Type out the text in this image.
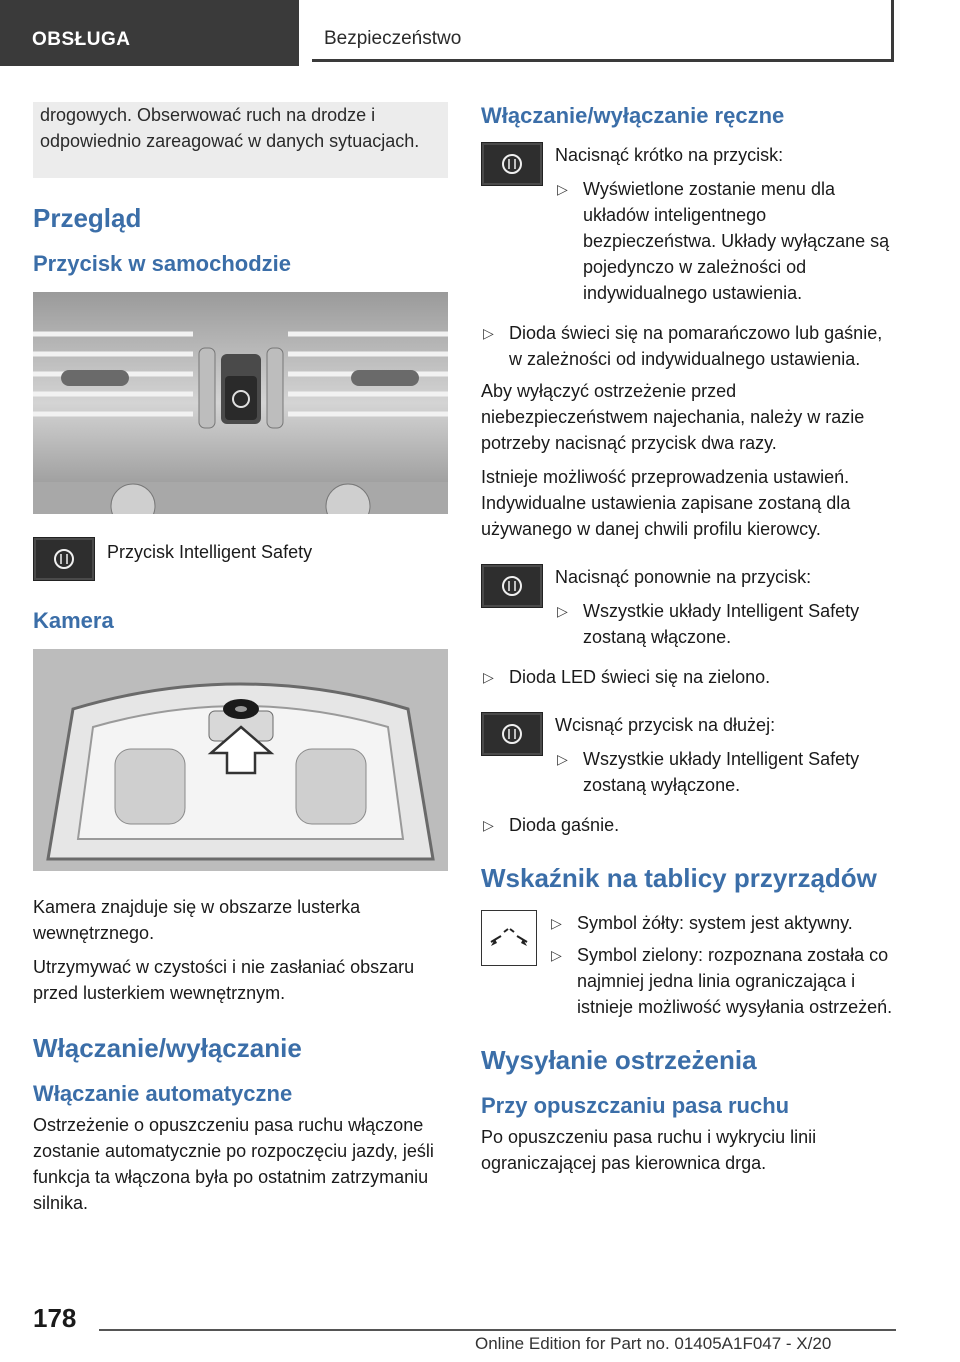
OBSŁUGA	Bezpieczeństwo

drogowych. Obserwować ruch na drodze i odpowiednio zareagować w danych sytuacjach.

Przegląd
Przycisk w samochodzie
Przycisk Intelligent Safety
Kamera

Kamera znajduje się w obszarze lusterka wewnętrznego.

Utrzymywać w czystości i nie zasłaniać obszaru przed lusterkiem wewnętrznym.

Włączanie/wyłączanie
Włączanie automatyczne

Ostrzeżenie o opuszczeniu pasa ruchu włączone zostanie automatycznie po rozpoczęciu jazdy, jeśli funkcja ta włączona była po ostatnim zatrzymaniu silnika.

Włączanie/wyłączanie ręczne

Nacisnąć krótko na przycisk:

▷ Wyświetlone zostanie menu dla układów inteligentnego bezpieczeństwa. Układy wyłączane są pojedynczo w zależności od indywidualnego ustawienia.
▷ Dioda świeci się na pomarańczowo lub gaśnie, w zależności od indywidualnego ustawienia.

Aby wyłączyć ostrzeżenie przed niebezpieczeństwem najechania, należy w razie potrzeby nacisnąć przycisk dwa razy.

Istnieje możliwość przeprowadzenia ustawień. Indywidualne ustawienia zapisane zostaną dla używanego w danej chwili profilu kierowcy.

Nacisnąć ponownie na przycisk:

▷ Wszystkie układy Intelligent Safety zostaną włączone.
▷ Dioda LED świeci się na zielono.

Wcisnąć przycisk na dłużej:

▷ Wszystkie układy Intelligent Safety zostaną wyłączone.
▷ Dioda gaśnie.
Wskaźnik na tablicy przyrządów
▷ Symbol żółty: system jest aktywny.
▷ Symbol zielony: rozpoznana została co najmniej jedna linia ograniczająca i istnieje możliwość wysyłania ostrzeżeń.
Wysyłanie ostrzeżenia
Przy opuszczaniu pasa ruchu

Po opuszczeniu pasa ruchu i wykryciu linii ograniczającej pas kierownica drga.

178
Online Edition for Part no. 01405A1F047 - X/20
